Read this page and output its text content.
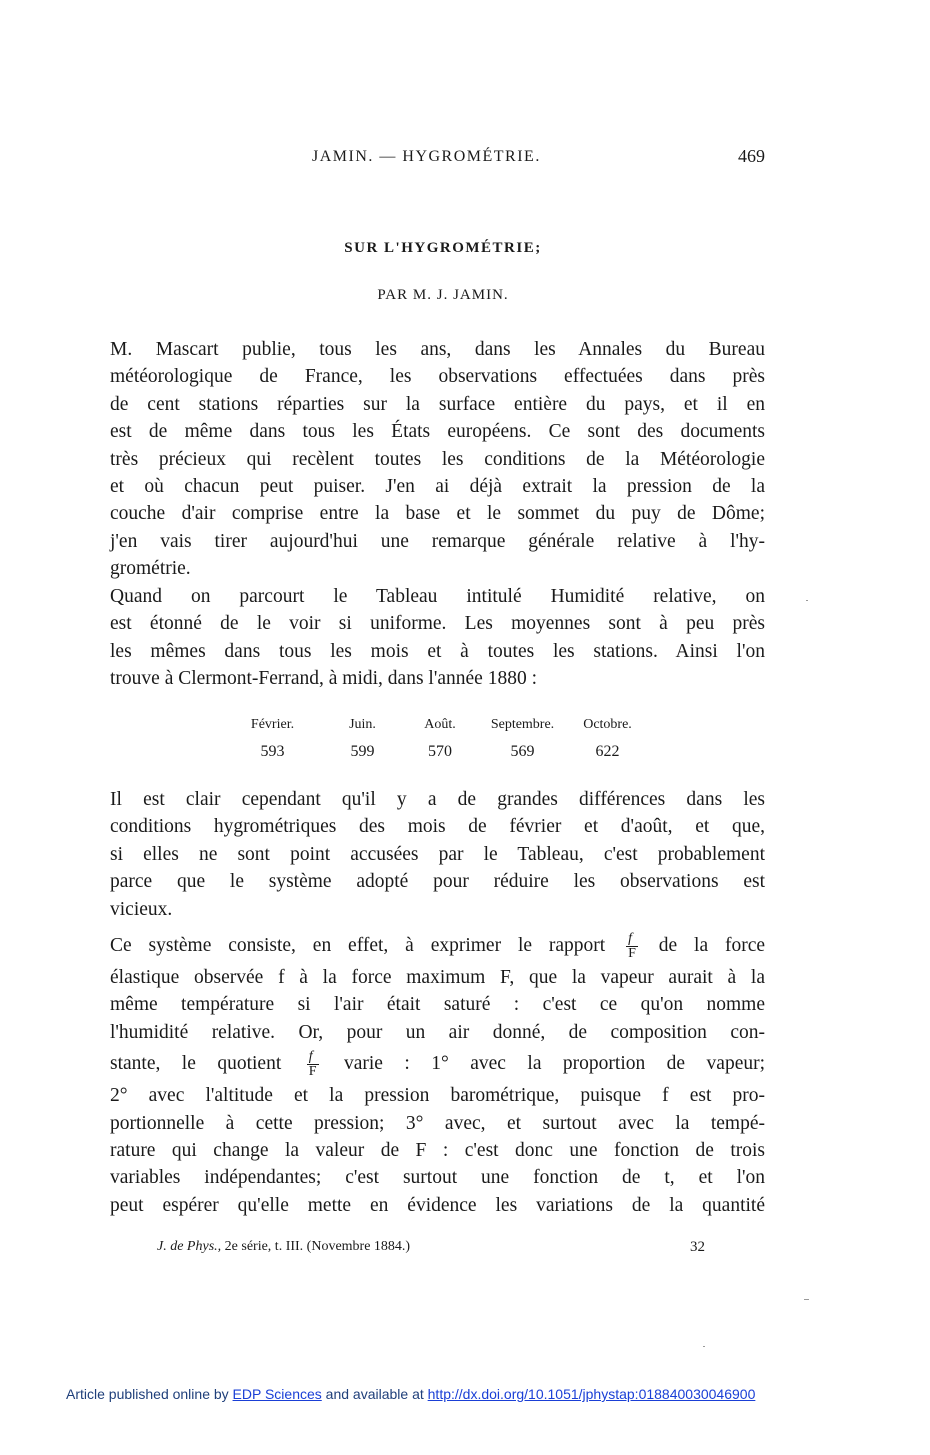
JAMIN. — HYGROMÉTRIE.	469
SUR L'HYGROMÉTRIE;
PAR M. J. JAMIN.
M. Mascart publie, tous les ans, dans les Annales du Bureau
météorologique de France, les observations effectuées dans près
de cent stations réparties sur la surface entière du pays, et il en
est de même dans tous les États européens. Ce sont des documents
très précieux qui recèlent toutes les conditions de la Météorologie
et où chacun peut puiser. J'en ai déjà extrait la pression de la
couche d'air comprise entre la base et le sommet du puy de Dôme;
j'en vais tirer aujourd'hui une remarque générale relative à l'hy-
grométrie.
Quand on parcourt le Tableau intitulé Humidité relative, on
est étonné de le voir si uniforme. Les moyennes sont à peu près
les mêmes dans tous les mois et à toutes les stations. Ainsi l'on
trouve à Clermont-Ferrand, à midi, dans l'année 1880 :
Février.	Juin.	Août.	Septembre.	Octobre.
593	599	570	569	622
Il est clair cependant qu'il y a de grandes différences dans les
conditions hygrométriques des mois de février et d'août, et que,
si elles ne sont point accusées par le Tableau, c'est probablement
parce que le système adopté pour réduire les observations est
vicieux.
Ce système consiste, en effet, à exprimer le rapport $\frac{f}{F}$ de la force
élastique observée f à la force maximum F, que la vapeur aurait à la
même température si l'air était saturé : c'est ce qu'on nomme
l'humidité relative. Or, pour un air donné, de composition con-
stante, le quotient $\frac{f}{F}$ varie : 1° avec la proportion de vapeur;
2° avec l'altitude et la pression barométrique, puisque f est pro-
portionnelle à cette pression; 3° avec, et surtout avec la tempé-
rature qui change la valeur de F : c'est donc une fonction de trois
variables indépendantes; c'est surtout une fonction de t, et l'on
peut espérer qu'elle mette en évidence les variations de la quantité
J. de Phys., 2e série, t. III. (Novembre 1884.)	32
Article published online by EDP Sciences and available at http://dx.doi.org/10.1051/jphystap:018840030046900
